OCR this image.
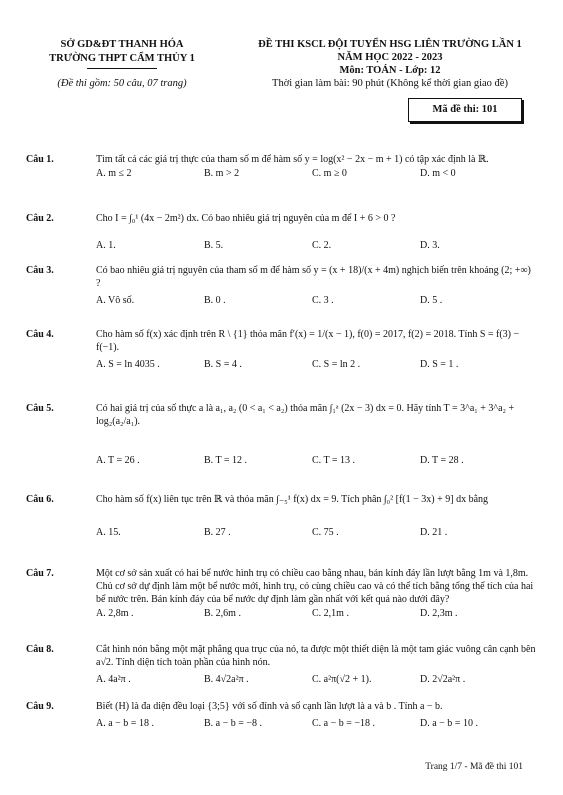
SỞ GD&ĐT THANH HÓA
TRƯỜNG THPT CẨM THỦY 1
(Đề thi gồm: 50 câu, 07 trang)
ĐỀ THI KSCL ĐỘI TUYỂN HSG LIÊN TRƯỜNG LẦN 1
NĂM HỌC 2022 - 2023
Môn: TOÁN - Lớp: 12
Thời gian làm bài: 90 phút (Không kể thời gian giao đề)
Mã đề thi: 101
Câu 1.	Tìm tất cả các giá trị thực của tham số m để hàm số y = log(x² − 2x − m + 1) có tập xác định là ℝ.
A. m ≤ 2	B. m > 2	C. m ≥ 0	D. m < 0
Câu 2.	Cho I = ∫₀¹ (4x − 2m²) dx. Có bao nhiêu giá trị nguyên của m để I + 6 > 0 ?
A. 1.	B. 5.	C. 2.	D. 3.
Câu 3.	Có bao nhiêu giá trị nguyên của tham số m để hàm số y = (x + 18)/(x + 4m) nghịch biến trên khoảng (2; +∞) ?
A. Vô số.	B. 0 .	C. 3 .	D. 5 .
Câu 4.	Cho hàm số f(x) xác định trên R \ {1} thỏa mãn f′(x) = 1/(x − 1), f(0) = 2017, f(2) = 2018. Tính S = f(3) − f(−1).
A. S = ln 4035 .	B. S = 4 .	C. S = ln 2 .	D. S = 1 .
Câu 5.	Có hai giá trị của số thực a là a₁, a₂ (0 < a₁ < a₂) thỏa mãn ∫₁ᵃ (2x − 3) dx = 0. Hãy tính T = 3^a₁ + 3^a₂ + log₂(a₂/a₁).
A. T = 26 .	B. T = 12 .	C. T = 13 .	D. T = 28 .
Câu 6.	Cho hàm số f(x) liên tục trên ℝ và thỏa mãn ∫₋₅¹ f(x) dx = 9. Tích phân ∫₀² [f(1 − 3x) + 9] dx bằng
A. 15.	B. 27 .	C. 75 .	D. 21 .
Câu 7.	Một cơ sở sản xuất có hai bể nước hình trụ có chiều cao bằng nhau, bán kính đáy lần lượt bằng 1m và 1,8m. Chủ cơ sở dự định làm một bể nước mới, hình trụ, có cùng chiều cao và có thể tích bằng tổng thể tích của hai bể nước trên. Bán kính đáy của bể nước dự định làm gần nhất với kết quả nào dưới đây?
A. 2,8m .	B. 2,6m .	C. 2,1m .	D. 2,3m .
Câu 8.	Cắt hình nón bằng một mặt phẳng qua trục của nó, ta được một thiết diện là một tam giác vuông cân cạnh bên a√2. Tính diện tích toàn phần của hình nón.
A. 4a²π .	B. 4√2a²π .	C. a²π(√2 + 1).	D. 2√2a²π .
Câu 9.	Biết (H) là đa diện đều loại {3;5} với số đỉnh và số cạnh lần lượt là a và b . Tính a − b.
A. a − b = 18 .	B. a − b = −8 .	C. a − b = −18 .	D. a − b = 10 .
Trang 1/7 - Mã đề thi 101
